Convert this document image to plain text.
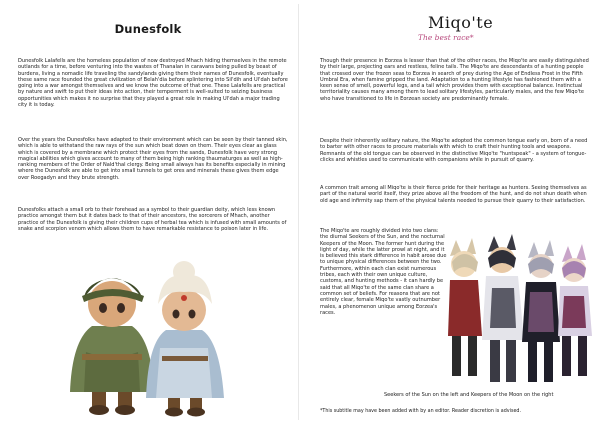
Dunesfolk

Dunesfolk Lalafells are the homeless population of now destroyed Mhach hiding themselves in the remote outlands for a time, before venturing into the wastes of Thanalan in caravans being pulled by beast of burdens, living a nomadic life traveling the sandylands giving them their names of Dunesfolk, eventually these same race founded the great civilization of Belah'dia before splintering into Sil'dih and Ul'dah before going into a war amongst themselves and we know the outcome of that one. These Lalafells are practical by nature and swift to put their ideas into action, their temperment is well-suited to seizing business opportunities which makes it no surprise that they played a great role in making Ul'dah a major trading city it is today.

Over the years the Dunesfolks have adapted to their environment which can be seen by their tanned skin, which is able to withstand the raw rays of the sun which beat down on them. Their eyes clear as glass which is covered by a membrane which protect their eyes from the sands, Dunesfolk have very strong magical abilities which gives account to many of them being high ranking thaumaturges as well as high-ranking members of the Order of Nald'thal clergy. Being small always has its benefits especially in mining where the Dunesfolk are able to get into small tunnels to get ores and minerals these gives them edge over Roegadyn and they brute strength.

Dunesfolks attach a small orb to their forehead as a symbol to their guardian deity, which less known practice amongst them but it dates back to that of their ancestors, the sorcerers of Mhach, another practice of the Dunesfolk is giving their children cups of herbal tea which is infused with small amounts of snake and scorpion venom which allows them to have remarkable resistance to poison later in life.

Miqo'te
The best race*

Though their presence in Eorzea is lesser than that of the other races, the Miqo'te are easily distinguished by their large, projecting ears and restless, feline tails. The Miqo'te are descendants of a hunting people that crossed over the frozen seas to Eorzea in search of prey during the Age of Endless Frost in the Fifth Umbral Era, when famine gripped the land. Adaptation to a hunting lifestyle has fashioned them with a keen sense of smell, powerful legs, and a tail which provides them with exceptional balance. Instinctual territoriality causes many among them to lead solitary lifestyles, particularly males, and the few Miqo'te who have transitioned to life in Eorzean society are predominantly female.

Despite their inherently solitary nature, the Miqo'te adopted the common tongue early on, born of a need to barter with other races to procure materials with which to craft their hunting tools and weapons. Remnants of the old tongue can be observed in the distinctive Miqo'te "huntspeak" - a system of tongue-clicks and whistles used to communicate with companions while in pursuit of quarry.

A common trait among all Miqo'te is their fierce pride for their heritage as hunters. Seeing themselves as part of the natural world itself, they prize above all the freedom of the hunt, and do not shun death when old age and infirmity sap them of the physical talents needed to pursue their quarry to their satisfaction.

The Miqo'te are roughly divided into two clans: the diurnal Seekers of the Sun, and the nocturnal Keepers of the Moon. The former hunt during the light of day, while the latter prowl at night, and it is believed this stark difference in habit arose due to unique physical differences between the two. Furthermore, within each clan exist numerous tribes, each with their own unique culture, customs, and hunting methods - it can hardly be said that all Miqo'te of the same clan share a common set of beliefs. For reasons that are not entirely clear, female Miqo'te vastly outnumber males, a phenomenon unique among Eorzea's races.

Seekers of the Sun on the left and Keepers of the Moon on the right
*This subtitle may have been added with by an editor. Reader discretion is advised.
